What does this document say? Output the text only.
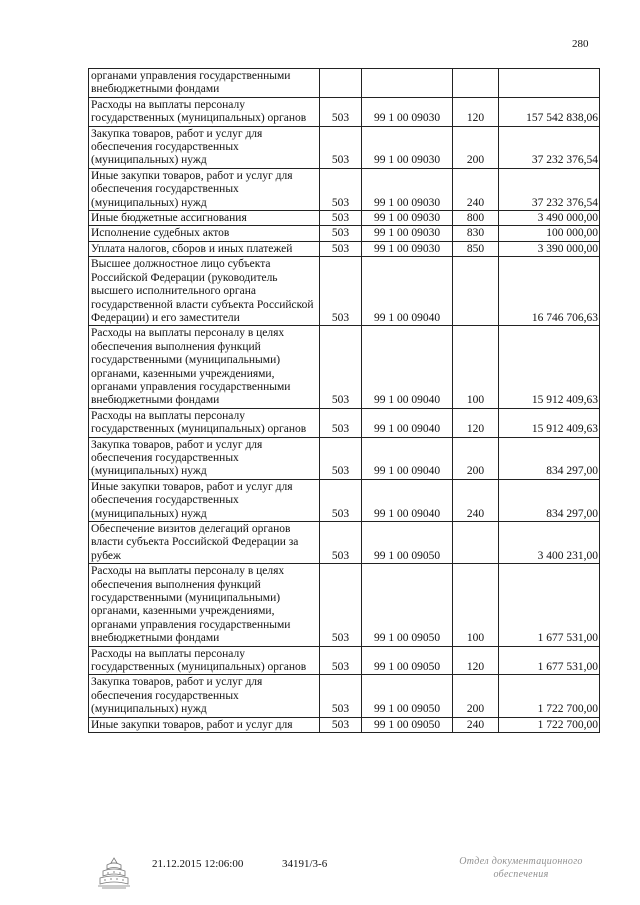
280
органами управления государственными внебюджетными фондами				
Расходы на выплаты персоналу государственных (муниципальных) органов	503	99 1 00 09030	120	157 542 838,06
Закупка товаров, работ и услуг для обеспечения государственных (муниципальных) нужд	503	99 1 00 09030	200	37 232 376,54
Иные закупки товаров, работ и услуг для обеспечения государственных (муниципальных) нужд	503	99 1 00 09030	240	37 232 376,54
Иные бюджетные ассигнования	503	99 1 00 09030	800	3 490 000,00
Исполнение судебных актов	503	99 1 00 09030	830	100 000,00
Уплата налогов, сборов и иных платежей	503	99 1 00 09030	850	3 390 000,00
Высшее должностное лицо субъекта Российской Федерации (руководитель высшего исполнительного органа государственной власти субъекта Российской Федерации) и его заместители	503	99 1 00 09040		16 746 706,63
Расходы на выплаты персоналу в целях обеспечения выполнения функций государственными (муниципальными) органами, казенными учреждениями, органами управления государственными внебюджетными фондами	503	99 1 00 09040	100	15 912 409,63
Расходы на выплаты персоналу государственных (муниципальных) органов	503	99 1 00 09040	120	15 912 409,63
Закупка товаров, работ и услуг для обеспечения государственных (муниципальных) нужд	503	99 1 00 09040	200	834 297,00
Иные закупки товаров, работ и услуг для обеспечения государственных (муниципальных) нужд	503	99 1 00 09040	240	834 297,00
Обеспечение визитов делегаций органов власти субъекта Российской Федерации за рубеж	503	99 1 00 09050		3 400 231,00
Расходы на выплаты персоналу в целях обеспечения выполнения функций государственными (муниципальными) органами, казенными учреждениями, органами управления государственными внебюджетными фондами	503	99 1 00 09050	100	1 677 531,00
Расходы на выплаты персоналу государственных (муниципальных) органов	503	99 1 00 09050	120	1 677 531,00
Закупка товаров, работ и услуг для обеспечения государственных (муниципальных) нужд	503	99 1 00 09050	200	1 722 700,00
Иные закупки товаров, работ и услуг для	503	99 1 00 09050	240	1 722 700,00
21.12.2015 12:06:00	34191/3-6	Отдел документационного обеспечения
